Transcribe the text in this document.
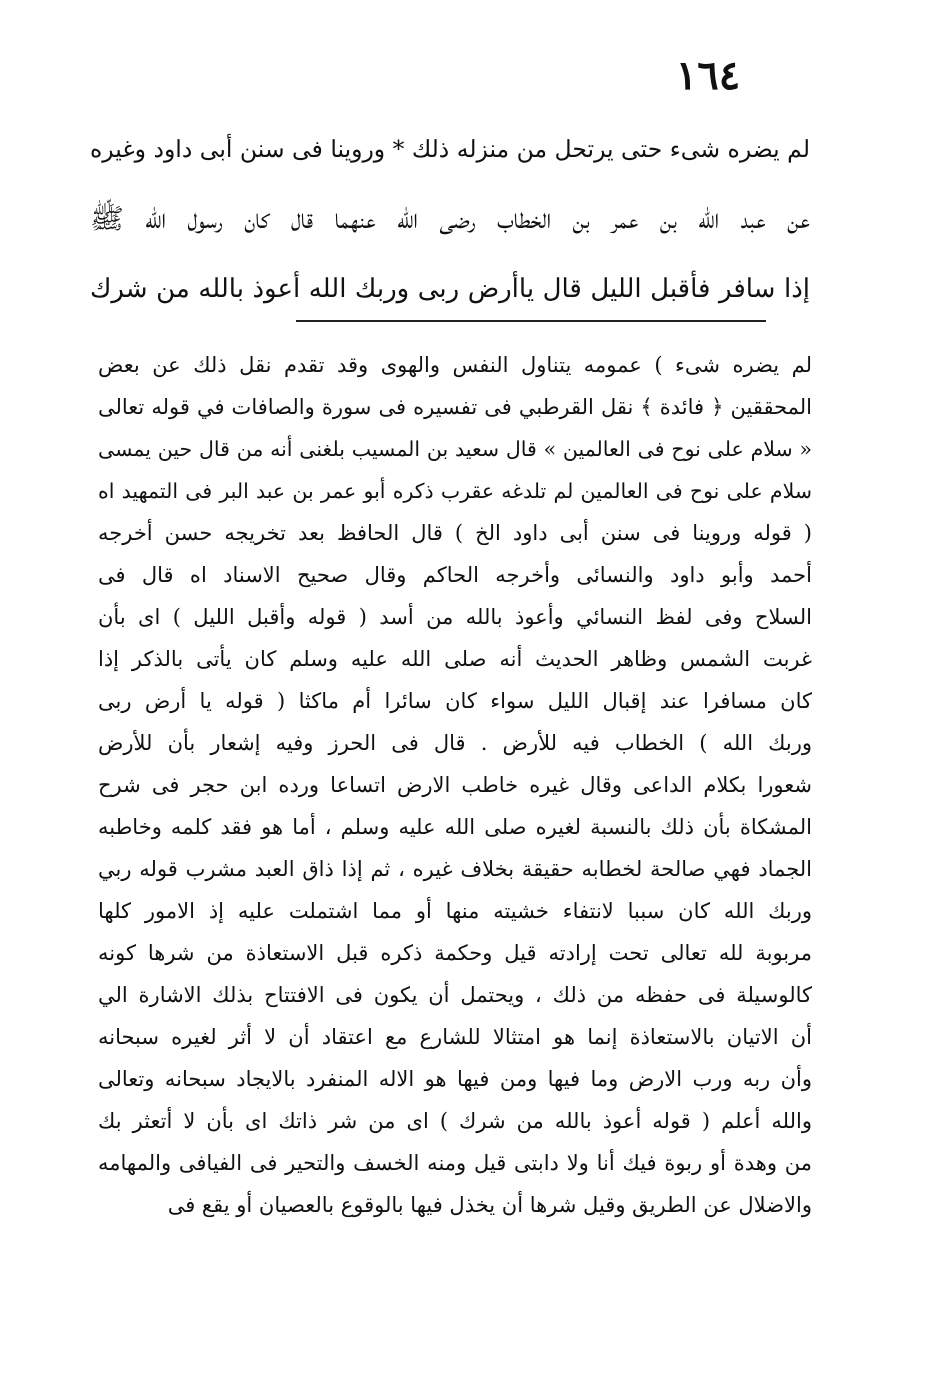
١٦٤
لم يضره شىء حتى يرتحل من منزله ذلك * وروينا فى سنن أبى داود وغيره
عن عبد الله بن عمر بن الخطاب رضى الله عنهما قال كان رسول الله ﷺ
إذا سافر فأقبل الليل قال ياأرض ربى وربك الله أعوذ بالله من شرك
لم يضره شىء ) عمومه يتناول النفس والهوى وقد تقدم نقل ذلك عن بعض
المحققين ﴿ فائدة ﴾ نقل القرطبي فى تفسيره فى سورة والصافات في قوله تعالى
« سلام على نوح فى العالمين » قال سعيد بن المسيب بلغنى أنه من قال حين يمسى
سلام على نوح فى العالمين لم تلدغه عقرب ذكره أبو عمر بن عبد البر فى التمهيد اه
( قوله وروينا فى سنن أبى داود الخ ) قال الحافظ بعد تخريجه حسن أخرجه
أحمد وأبو داود والنسائى وأخرجه الحاكم وقال صحيح الاسناد اه قال فى
السلاح وفى لفظ النسائي وأعوذ بالله من أسد ( قوله وأقبل الليل ) اى بأن
غربت الشمس وظاهر الحديث أنه صلى الله عليه وسلم كان يأتى بالذكر إذا
كان مسافرا عند إقبال الليل سواء كان سائرا أم ماكثا ( قوله يا أرض ربى
وربك الله ) الخطاب فيه للأرض . قال فى الحرز وفيه إشعار بأن للأرض
شعورا بكلام الداعى وقال غيره خاطب الارض اتساعا ورده ابن حجر فى شرح
المشكاة بأن ذلك بالنسبة لغيره صلى الله عليه وسلم ، أما هو فقد كلمه وخاطبه
الجماد فهي صالحة لخطابه حقيقة بخلاف غيره ، ثم إذا ذاق العبد مشرب قوله ربي
وربك الله كان سببا لانتفاء خشيته منها أو مما اشتملت عليه إذ الامور كلها
مربوبة لله تعالى تحت إرادته قيل وحكمة ذكره قبل الاستعاذة من شرها كونه
كالوسيلة فى حفظه من ذلك ، ويحتمل أن يكون فى الافتتاح بذلك الاشارة الي
أن الاتيان بالاستعاذة إنما هو امتثالا للشارع مع اعتقاد أن لا أثر لغيره سبحانه
وأن ربه ورب الارض وما فيها ومن فيها هو الاله المنفرد بالايجاد سبحانه وتعالى
والله أعلم ( قوله أعوذ بالله من شرك ) اى من شر ذاتك اى بأن لا أتعثر بك
من وهدة أو ربوة فيك أنا ولا دابتى قيل ومنه الخسف والتحير فى الفيافى والمهامه
والاضلال عن الطريق وقيل شرها أن يخذل فيها بالوقوع بالعصيان أو يقع فى
